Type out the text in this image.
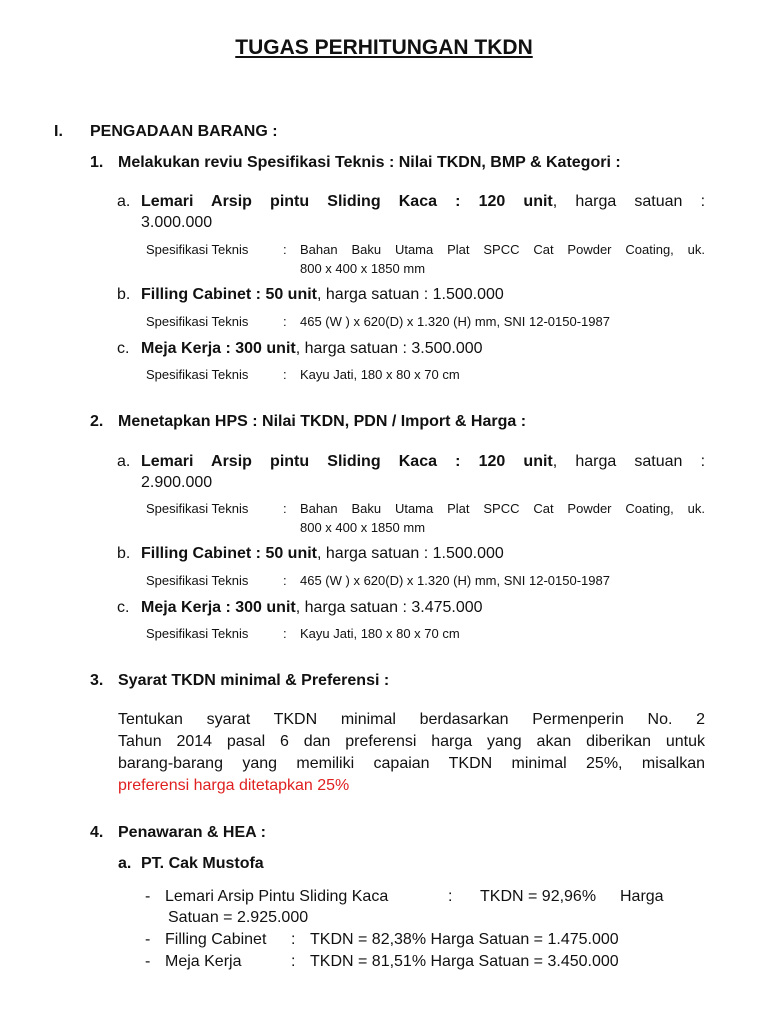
TUGAS PERHITUNGAN TKDN
I. PENGADAAN BARANG :
1. Melakukan reviu Spesifikasi Teknis : Nilai TKDN, BMP & Kategori :
a. Lemari Arsip pintu Sliding Kaca : 120 unit, harga satuan :
3.000.000
Spesifikasi Teknis	: Bahan Baku Utama Plat SPCC Cat Powder Coating, uk.
800 x 400 x 1850 mm
b. Filling Cabinet : 50 unit, harga satuan : 1.500.000
Spesifikasi Teknis	: 465 (W ) x 620(D) x 1.320 (H) mm, SNI 12-0150-1987
c. Meja Kerja : 300 unit, harga satuan : 3.500.000
Spesifikasi Teknis	: Kayu Jati, 180 x 80 x 70 cm
2. Menetapkan HPS : Nilai TKDN, PDN / Import & Harga :
a. Lemari Arsip pintu Sliding Kaca : 120 unit, harga satuan :
2.900.000
Spesifikasi Teknis	: Bahan Baku Utama Plat SPCC Cat Powder Coating, uk.
800 x 400 x 1850 mm
b. Filling Cabinet : 50 unit, harga satuan : 1.500.000
Spesifikasi Teknis	: 465 (W ) x 620(D) x 1.320 (H) mm, SNI 12-0150-1987
c. Meja Kerja : 300 unit, harga satuan : 3.475.000
Spesifikasi Teknis	: Kayu Jati, 180 x 80 x 70 cm
3. Syarat TKDN minimal & Preferensi :
Tentukan syarat TKDN minimal berdasarkan Permenperin No. 2
Tahun 2014 pasal 6 dan preferensi harga yang akan diberikan untuk
barang-barang yang memiliki capaian TKDN minimal 25%, misalkan
preferensi harga ditetapkan 25%
4. Penawaran & HEA :
a. PT. Cak Mustofa
- Lemari Arsip Pintu Sliding Kaca	: TKDN = 92,96% Harga
Satuan = 2.925.000
- Filling Cabinet : TKDN = 82,38% Harga Satuan = 1.475.000
- Meja Kerja	: TKDN = 81,51% Harga Satuan = 3.450.000
